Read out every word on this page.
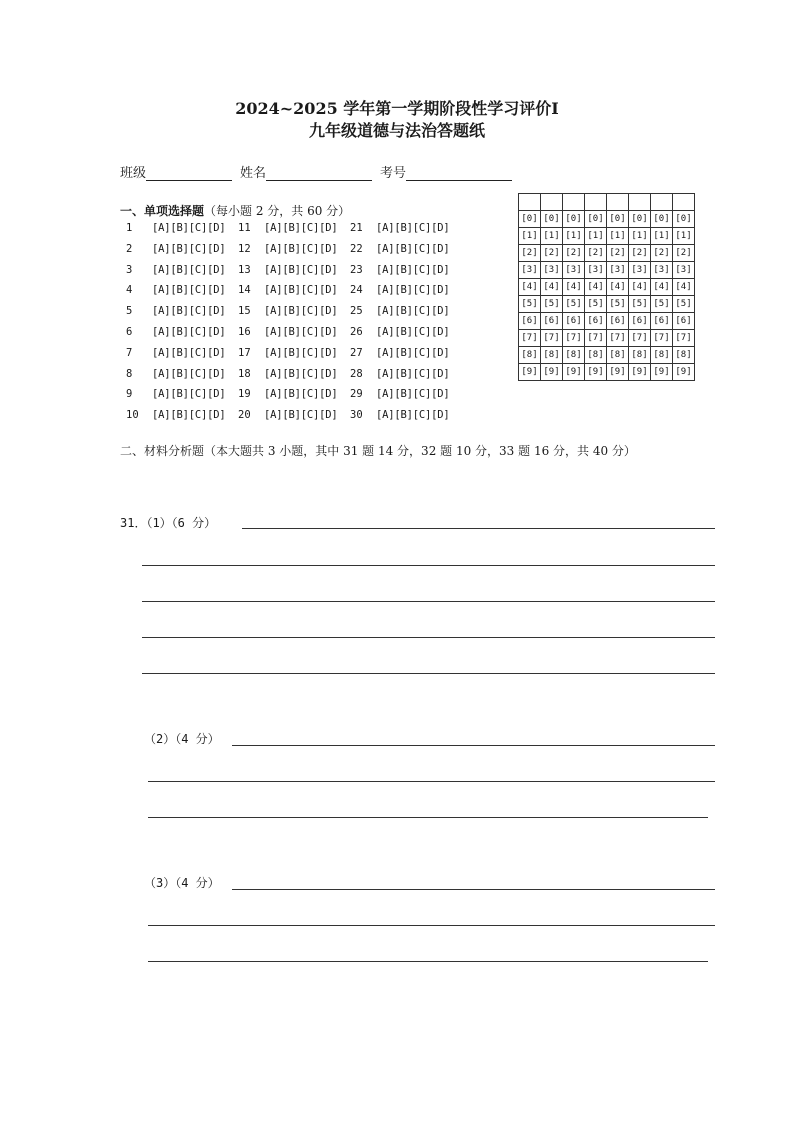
2024~2025 学年第一学期阶段性学习评价Ⅰ
九年级道德与法治答题纸
班级	姓名	考号
一、单项选择题（每小题 2 分，共 60 分）
1 [A][B][C][D]
2 [A][B][C][D]
3 [A][B][C][D]
4 [A][B][C][D]
5 [A][B][C][D]
6 [A][B][C][D]
7 [A][B][C][D]
8 [A][B][C][D]
9 [A][B][C][D]
10 [A][B][C][D]
11 [A][B][C][D]
12 [A][B][C][D]
13 [A][B][C][D]
14 [A][B][C][D]
15 [A][B][C][D]
16 [A][B][C][D]
17 [A][B][C][D]
18 [A][B][C][D]
19 [A][B][C][D]
20 [A][B][C][D]
21 [A][B][C][D]
22 [A][B][C][D]
23 [A][B][C][D]
24 [A][B][C][D]
25 [A][B][C][D]
26 [A][B][C][D]
27 [A][B][C][D]
28 [A][B][C][D]
29 [A][B][C][D]
30 [A][B][C][D]

[0]	[0]	[0]	[0]	[0]	[0]	[0]	[0]
[1]	[1]	[1]	[1]	[1]	[1]	[1]	[1]
[2]	[2]	[2]	[2]	[2]	[2]	[2]	[2]
[3]	[3]	[3]	[3]	[3]	[3]	[3]	[3]
[4]	[4]	[4]	[4]	[4]	[4]	[4]	[4]
[5]	[5]	[5]	[5]	[5]	[5]	[5]	[5]
[6]	[6]	[6]	[6]	[6]	[6]	[6]	[6]
[7]	[7]	[7]	[7]	[7]	[7]	[7]	[7]
[8]	[8]	[8]	[8]	[8]	[8]	[8]	[8]
[9]	[9]	[9]	[9]	[9]	[9]	[9]	[9]
二、材料分析题（本大题共 3 小题，其中 31 题 14 分，32 题 10 分，33 题 16 分，共 40 分）
31．（1）（6 分）
（2）（4 分）
（3）（4 分）
